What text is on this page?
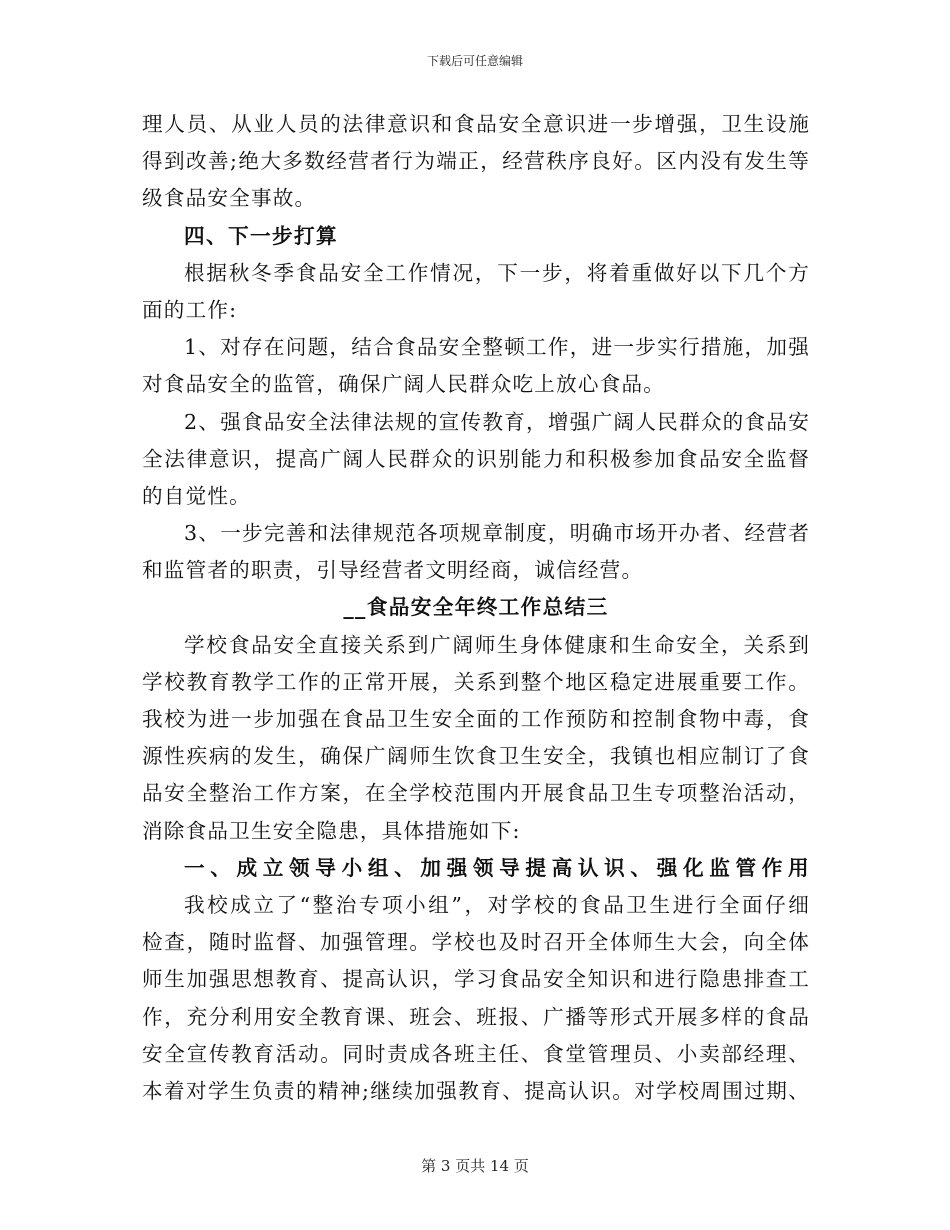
下载后可任意编辑
理人员、从业人员的法律意识和食品安全意识进一步增强，卫生设施
得到改善;绝大多数经营者行为端正，经营秩序良好。区内没有发生等
级食品安全事故。
四、下一步打算
根据秋冬季食品安全工作情况，下一步，将着重做好以下几个方
面的工作:
1、对存在问题，结合食品安全整顿工作，进一步实行措施，加强
对食品安全的监管，确保广阔人民群众吃上放心食品。
2、强食品安全法律法规的宣传教育，增强广阔人民群众的食品安
全法律意识，提高广阔人民群众的识别能力和积极参加食品安全监督
的自觉性。
3、一步完善和法律规范各项规章制度，明确市场开办者、经营者
和监管者的职责，引导经营者文明经商，诚信经营。
__食品安全年终工作总结三
学校食品安全直接关系到广阔师生身体健康和生命安全，关系到
学校教育教学工作的正常开展，关系到整个地区稳定进展重要工作。
我校为进一步加强在食品卫生安全面的工作预防和控制食物中毒，食
源性疾病的发生，确保广阔师生饮食卫生安全，我镇也相应制订了食
品安全整治工作方案，在全学校范围内开展食品卫生专项整治活动，
消除食品卫生安全隐患，具体措施如下:
一、成立领导小组、加强领导提高认识、强化监管作用
我校成立了“整治专项小组”，对学校的食品卫生进行全面仔细
检查，随时监督、加强管理。学校也及时召开全体师生大会，向全体
师生加强思想教育、提高认识，学习食品安全知识和进行隐患排查工
作，充分利用安全教育课、班会、班报、广播等形式开展多样的食品
安全宣传教育活动。同时责成各班主任、食堂管理员、小卖部经理、
本着对学生负责的精神;继续加强教育、提高认识。对学校周围过期、
第 3 页共 14 页
